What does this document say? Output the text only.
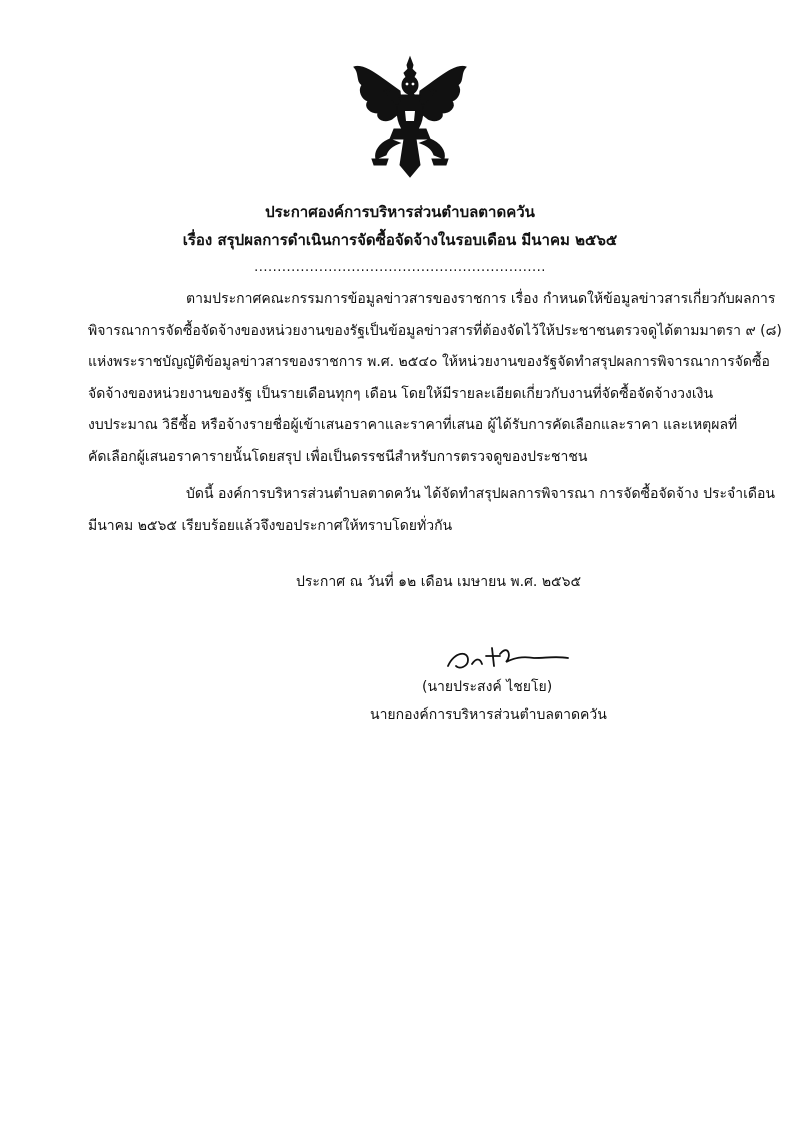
ประกาศองค์การบริหารส่วนตำบลตาดควัน
เรื่อง สรุปผลการดำเนินการจัดซื้อจัดจ้างในรอบเดือน มีนาคม ๒๕๖๕
...............................................................

ตามประกาศคณะกรรมการข้อมูลข่าวสารของราชการ เรื่อง กำหนดให้ข้อมูลข่าวสารเกี่ยวกับผลการ
พิจารณาการจัดซื้อจัดจ้างของหน่วยงานของรัฐเป็นข้อมูลข่าวสารที่ต้องจัดไว้ให้ประชาชนตรวจดูได้ตามมาตรา ๙ (๘)
แห่งพระราชบัญญัติข้อมูลข่าวสารของราชการ พ.ศ. ๒๕๔๐ ให้หน่วยงานของรัฐจัดทำสรุปผลการพิจารณาการจัดซื้อ
จัดจ้างของหน่วยงานของรัฐ เป็นรายเดือนทุกๆ เดือน โดยให้มีรายละเอียดเกี่ยวกับงานที่จัดซื้อจัดจ้างวงเงิน
งบประมาณ วิธีซื้อ หรือจ้างรายชื่อผู้เข้าเสนอราคาและราคาที่เสนอ ผู้ได้รับการคัดเลือกและราคา และเหตุผลที่
คัดเลือกผู้เสนอราคารายนั้นโดยสรุป เพื่อเป็นดรรชนีสำหรับการตรวจดูของประชาชน

บัดนี้ องค์การบริหารส่วนตำบลตาดควัน ได้จัดทำสรุปผลการพิจารณา การจัดซื้อจัดจ้าง ประจำเดือน
มีนาคม ๒๕๖๕ เรียบร้อยแล้วจึงขอประกาศให้ทราบโดยทั่วกัน

ประกาศ ณ วันที่ ๑๒ เดือน เมษายน พ.ศ. ๒๕๖๕
(นายประสงค์ ไชยโย)
นายกองค์การบริหารส่วนตำบลตาดควัน
